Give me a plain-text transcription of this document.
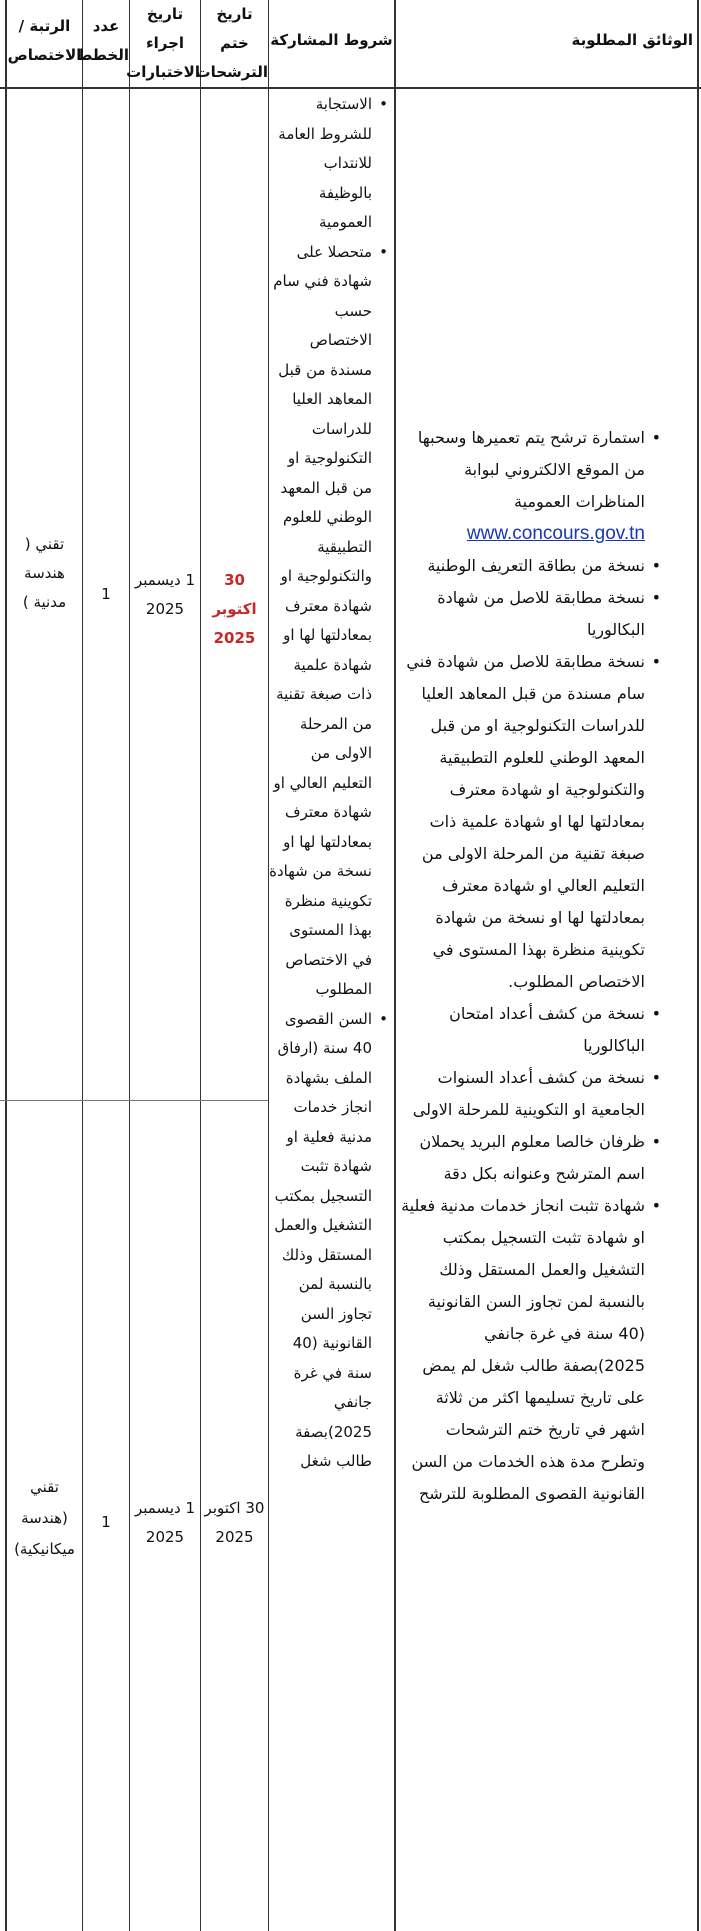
الوثائق المطلوبة
شروط المشاركة
تاريخ ختم الترشحات
تاريخ اجراء الاختبارات
عدد الخطط
الرتبة / الاختصاص
تقني ( هندسة مدنية )	1
1 ديسمبر 2025
30 اكتوبر 2025
تقني (هندسة ميكانيكية)
1
1 ديسمبر 2025
30 اكتوبر 2025
• الاستجابة للشروط العامة للانتداب بالوظيفة العمومية
• متحصلا على شهادة فني سام حسب الاختصاص مسندة من قبل المعاهد العليا للدراسات التكنولوجية او من قبل المعهد الوطني للعلوم التطبيقية والتكنولوجية او شهادة معترف بمعادلتها لها او شهادة علمية ذات صبغة تقنية من المرحلة الاولى من التعليم العالي او شهادة معترف بمعادلتها لها او نسخة من شهادة تكوينية منظرة بهذا المستوى في الاختصاص المطلوب
• السن القصوى 40 سنة (ارفاق الملف بشهادة انجاز خدمات مدنية فعلية او شهادة تثبت التسجيل بمكتب التشغيل والعمل المستقل وذلك بالنسبة لمن تجاوز السن القانونية (40 سنة في غرة جانفي 2025)بصفة طالب شغل
• استمارة ترشح يتم تعميرها وسحبها من الموقع الالكتروني لبوابة المناظرات العمومية www.concours.gov.tn
• نسخة من بطاقة التعريف الوطنية
• نسخة مطابقة للاصل من شهادة البكالوريا
• نسخة مطابقة للاصل من شهادة فني سام مسندة من قبل المعاهد العليا للدراسات التكنولوجية او من قبل المعهد الوطني للعلوم التطبيقية والتكنولوجية او شهادة معترف بمعادلتها لها او شهادة علمية ذات صبغة تقنية من المرحلة الاولى من التعليم العالي او شهادة معترف بمعادلتها لها او نسخة من شهادة تكوينية منظرة بهذا المستوى في الاختصاص المطلوب.
• نسخة من كشف أعداد امتحان الباكالوريا
• نسخة من كشف أعداد السنوات الجامعية او التكوينية للمرحلة الاولى
• ظرفان خالصا معلوم البريد يحملان اسم المترشح وعنوانه بكل دقة
• شهادة تثبت انجاز خدمات مدنية فعلية او شهادة تثبت التسجيل بمكتب التشغيل والعمل المستقل وذلك بالنسبة لمن تجاوز السن القانونية (40 سنة في غرة جانفي 2025)بصفة طالب شغل لم يمض على تاريخ تسليمها اكثر من ثلاثة اشهر في تاريخ ختم الترشحات وتطرح مدة هذه الخدمات من السن القانونية القصوى المطلوبة للترشح
